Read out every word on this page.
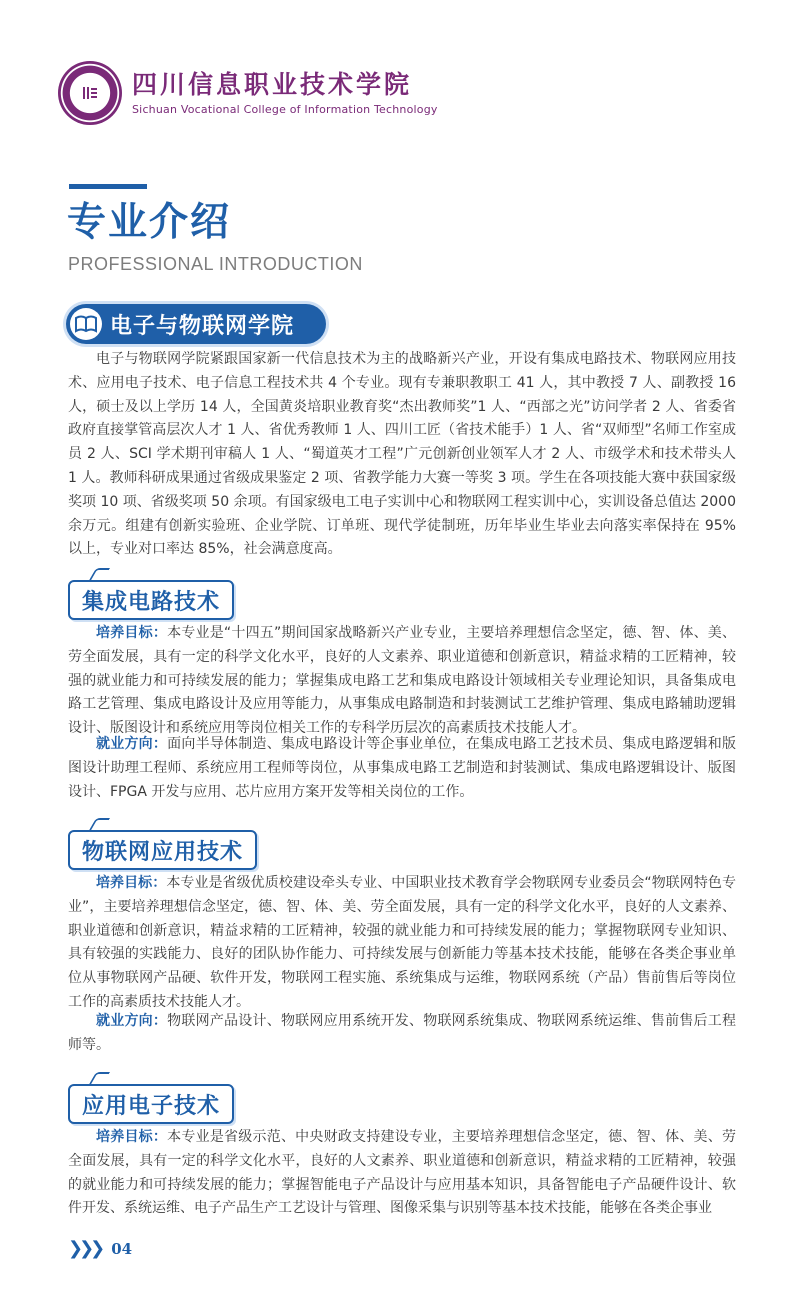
四川信息职业技术学院
Sichuan Vocational College of Information Technology
专业介绍
PROFESSIONAL INTRODUCTION
电子与物联网学院

电子与物联网学院紧跟国家新一代信息技术为主的战略新兴产业，开设有集成电路技术、物联网应用技术、应用电子技术、电子信息工程技术共 4 个专业。现有专兼职教职工 41 人，其中教授 7 人、副教授 16 人，硕士及以上学历 14 人，全国黄炎培职业教育奖“杰出教师奖”1 人、“西部之光”访问学者 2 人、省委省政府直接掌管高层次人才 1 人、省优秀教师 1 人、四川工匠（省技术能手）1 人、省“双师型”名师工作室成员 2 人、SCI 学术期刊审稿人 1 人、“蜀道英才工程”广元创新创业领军人才 2 人、市级学术和技术带头人 1 人。教师科研成果通过省级成果鉴定 2 项、省教学能力大赛一等奖 3 项。学生在各项技能大赛中获国家级奖项 10 项、省级奖项 50 余项。有国家级电工电子实训中心和物联网工程实训中心，实训设备总值达 2000 余万元。组建有创新实验班、企业学院、订单班、现代学徒制班，历年毕业生毕业去向落实率保持在 95% 以上，专业对口率达 85%，社会满意度高。

集成电路技术

培养目标：本专业是“十四五”期间国家战略新兴产业专业，主要培养理想信念坚定，德、智、体、美、劳全面发展，具有一定的科学文化水平，良好的人文素养、职业道德和创新意识，精益求精的工匠精神，较强的就业能力和可持续发展的能力；掌握集成电路工艺和集成电路设计领域相关专业理论知识，具备集成电路工艺管理、集成电路设计及应用等能力，从事集成电路制造和封装测试工艺维护管理、集成电路辅助逻辑设计、版图设计和系统应用等岗位相关工作的专科学历层次的高素质技术技能人才。

就业方向：面向半导体制造、集成电路设计等企事业单位，在集成电路工艺技术员、集成电路逻辑和版图设计助理工程师、系统应用工程师等岗位，从事集成电路工艺制造和封装测试、集成电路逻辑设计、版图设计、FPGA 开发与应用、芯片应用方案开发等相关岗位的工作。

物联网应用技术

培养目标：本专业是省级优质校建设牵头专业、中国职业技术教育学会物联网专业委员会“物联网特色专业”，主要培养理想信念坚定，德、智、体、美、劳全面发展，具有一定的科学文化水平，良好的人文素养、职业道德和创新意识，精益求精的工匠精神，较强的就业能力和可持续发展的能力；掌握物联网专业知识、具有较强的实践能力、良好的团队协作能力、可持续发展与创新能力等基本技术技能，能够在各类企事业单位从事物联网产品硬、软件开发，物联网工程实施、系统集成与运维，物联网系统（产品）售前售后等岗位工作的高素质技术技能人才。

就业方向：物联网产品设计、物联网应用系统开发、物联网系统集成、物联网系统运维、售前售后工程师等。

应用电子技术

培养目标：本专业是省级示范、中央财政支持建设专业，主要培养理想信念坚定，德、智、体、美、劳全面发展，具有一定的科学文化水平，良好的人文素养、职业道德和创新意识，精益求精的工匠精神，较强的就业能力和可持续发展的能力；掌握智能电子产品设计与应用基本知识，具备智能电子产品硬件设计、软件开发、系统运维、电子产品生产工艺设计与管理、图像采集与识别等基本技术技能，能够在各类企事业

❯❯❯ 04
